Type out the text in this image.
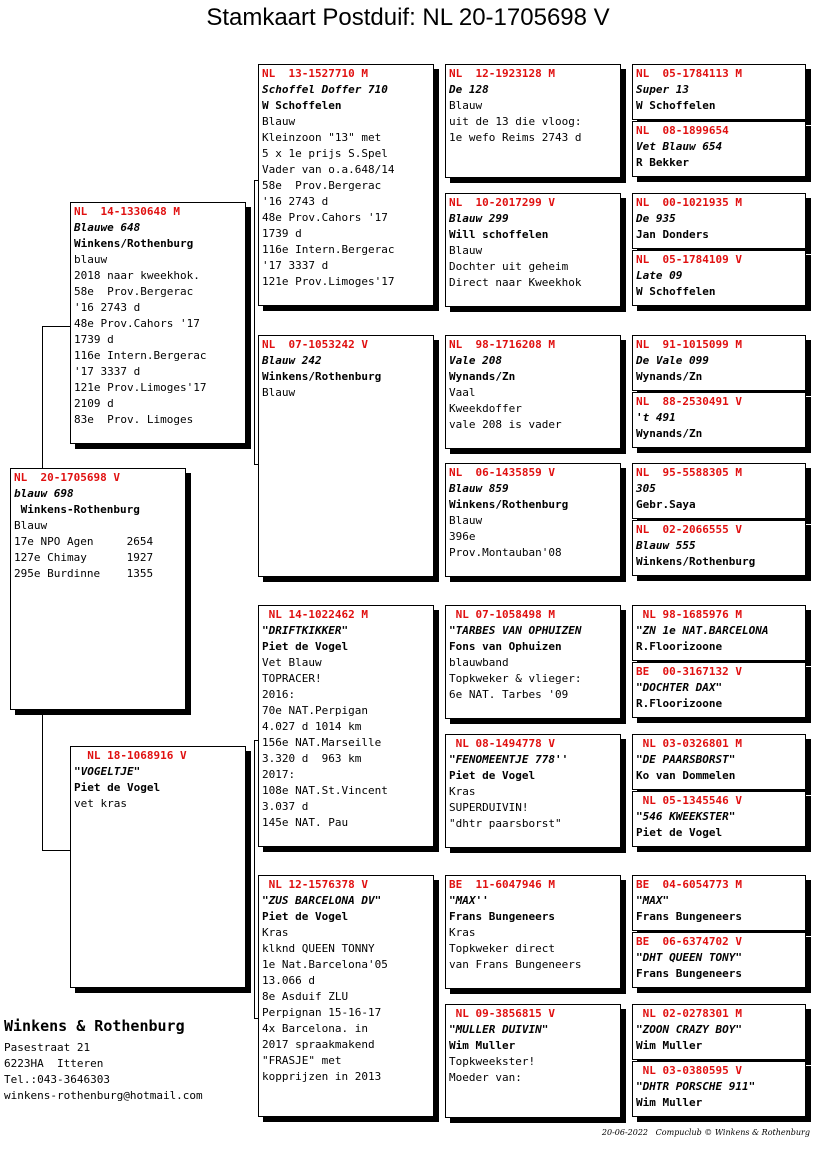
Stamkaart Postduif: NL 20-1705698 V
NL  20-1705698 V
blauw 698
Winkens-Rothenburg
Blauw
17e NPO Agen     2654
127e Chimay      1927
295e Burdinne    1355
NL  14-1330648 M
Blauwe 648
Winkens/Rothenburg
blauw
2018 naar kweekhok.
58e  Prov.Bergerac
'16 2743 d
48e Prov.Cahors '17
1739 d
116e Intern.Bergerac
'17 3337 d
121e Prov.Limoges'17
2109 d
83e  Prov. Limoges
NL 18-1068916 V
"VOGELTJE"
Piet de Vogel
vet kras
NL  13-1527710 M
Schoffel Doffer 710
W Schoffelen
Blauw
Kleinzoon "13" met
5 x 1e prijs S.Spel
Vader van o.a.648/14
58e  Prov.Bergerac
'16 2743 d
48e Prov.Cahors '17
1739 d
116e Intern.Bergerac
'17 3337 d
121e Prov.Limoges'17
NL  07-1053242 V
Blauw 242
Winkens/Rothenburg
Blauw
NL 14-1022462 M
"DRIFTKIKKER"
Piet de Vogel
Vet Blauw
TOPRACER!
2016:
70e NAT.Perpigan
4.027 d 1014 km
156e NAT.Marseille
3.320 d  963 km
2017:
108e NAT.St.Vincent
3.037 d
145e NAT. Pau
NL 12-1576378 V
"ZUS BARCELONA DV"
Piet de Vogel
Kras
klknd QUEEN TONNY
1e Nat.Barcelona'05
13.066 d
8e Asduif ZLU
Perpignan 15-16-17
4x Barcelona. in
2017 spraakmakend
"FRASJE" met
kopprijzen in 2013
NL  12-1923128 M
De 128
Blauw
uit de 13 die vloog:
1e wefo Reims 2743 d
NL  10-2017299 V
Blauw 299
Will schoffelen
Blauw
Dochter uit geheim
Direct naar Kweekhok
NL  98-1716208 M
Vale 208
Wynands/Zn
Vaal
Kweekdoffer
vale 208 is vader
NL  06-1435859 V
Blauw 859
Winkens/Rothenburg
Blauw
396e
Prov.Montauban'08
NL 07-1058498 M
"TARBES VAN OPHUIZEN
Fons van Ophuizen
blauwband
Topkweker & vlieger:
6e NAT. Tarbes '09
NL 08-1494778 V
"FENOMEENTJE 778''
Piet de Vogel
Kras
SUPERDUIVIN!
"dhtr paarsborst"
BE  11-6047946 M
"MAX''
Frans Bungeneers
Kras
Topkweker direct
van Frans Bungeneers
NL 09-3856815 V
"MULLER DUIVIN"
Wim Muller
Topkweekster!
Moeder van:
NL  05-1784113 M
Super 13
W Schoffelen
NL  08-1899654
Vet Blauw 654
R Bekker
NL  00-1021935 M
De 935
Jan Donders
NL  05-1784109 V
Late 09
W Schoffelen
NL  91-1015099 M
De Vale 099
Wynands/Zn
NL  88-2530491 V
't 491
Wynands/Zn
NL  95-5588305 M
305
Gebr.Saya
NL  02-2066555 V
Blauw 555
Winkens/Rothenburg
NL 98-1685976 M
"ZN 1e NAT.BARCELONA
R.Floorizoone
BE  00-3167132 V
"DOCHTER DAX"
R.Floorizoone
NL 03-0326801 M
"DE PAARSBORST"
Ko van Dommelen
NL 05-1345546 V
"546 KWEEKSTER"
Piet de Vogel
BE  04-6054773 M
"MAX"
Frans Bungeneers
BE  06-6374702 V
"DHT QUEEN TONY"
Frans Bungeneers
NL 02-0278301 M
"ZOON CRAZY BOY"
Wim Muller
NL 03-0380595 V
"DHTR PORSCHE 911"
Wim Muller
Winkens & Rothenburg
Pasestraat 21
6223HA  Itteren
Tel.:043-3646303
winkens-rothenburg@hotmail.com
20-06-2022   Compuclub © Winkens & Rothenburg
